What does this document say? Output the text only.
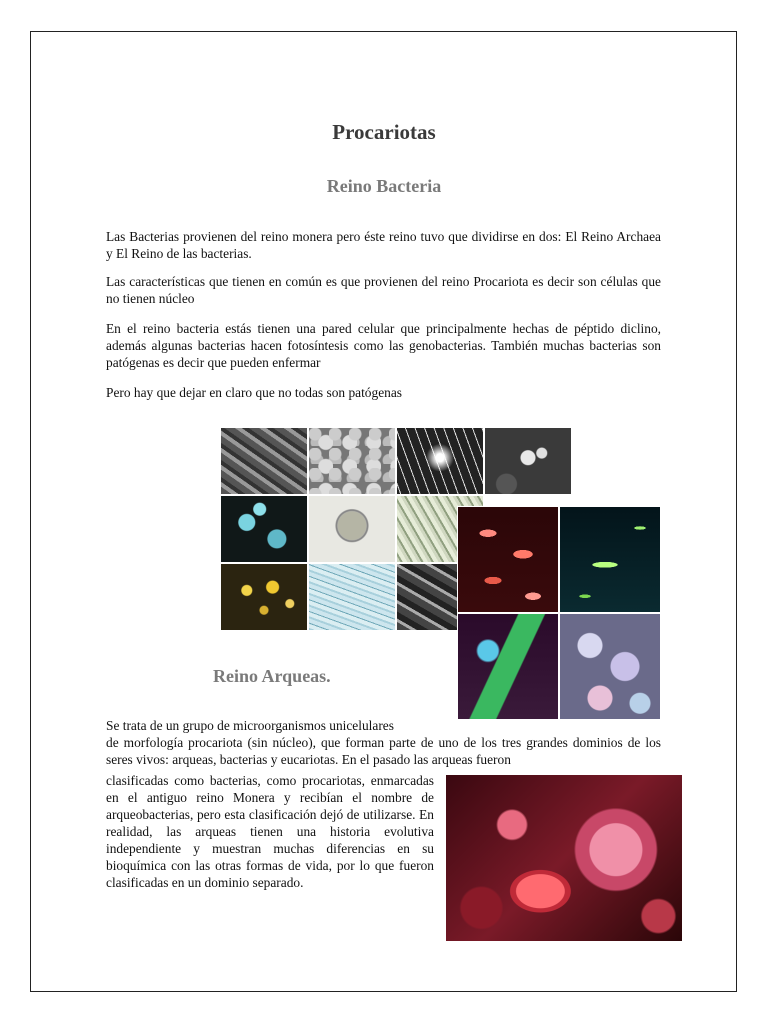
Procariotas
Reino Bacteria

Las Bacterias provienen del reino monera pero éste reino tuvo que dividirse en dos: El Reino Archaea y El Reino de las bacterias.

Las características que tienen en común es que provienen del reino Procariota es decir son células que no tienen núcleo

En el reino bacteria estás tienen una pared celular que principalmente hechas de péptido diclino, además algunas bacterias hacen fotosíntesis como las genobacterias. También muchas bacterias son patógenas es decir que pueden enfermar

Pero hay que dejar en claro que no todas son patógenas

Reino Arqueas.

Se trata de un grupo de microorganismos unicelulares

de morfología procariota (sin núcleo), que forman parte de uno de los tres grandes dominios de los seres vivos: arqueas, bacterias y eucariotas. En el pasado las arqueas fueron

clasificadas como bacterias, como procariotas, enmarcadas en el antiguo reino Monera y recibían el nombre de arqueobacterias, pero esta clasificación dejó de utilizarse. En realidad, las arqueas tienen una historia evolutiva independiente y muestran muchas diferencias en su bioquímica con las otras formas de vida, por lo que fueron clasificadas en un dominio separado.
